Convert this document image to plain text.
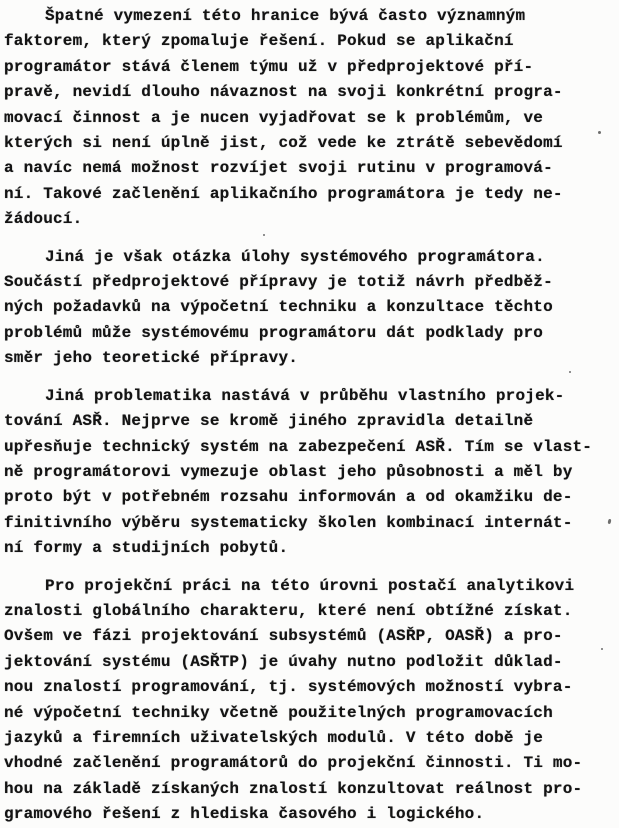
Špatné vymezení této hranice bývá často významným
faktorem, který zpomaluje řešení. Pokud se aplikační
programátor stává členem týmu už v předprojektové pří-
pravě, nevidí dlouho návaznost na svoji konkrétní progra-
movací činnost a je nucen vyjadřovat se k problémům, ve
kterých si není úplně jist, což vede ke ztrátě sebevědomí
a navíc nemá možnost rozvíjet svoji rutinu v programová-
ní. Takové začlenění aplikačního programátora je tedy ne-
žádoucí.
Jiná je však otázka úlohy systémového programátora.
Součástí předprojektové přípravy je totiž návrh předběž-
ných požadavků na výpočetní techniku a konzultace těchto
problémů může systémovému programátoru dát podklady pro
směr jeho teoretické přípravy.
Jiná problematika nastává v průběhu vlastního projek-
tování ASŘ. Nejprve se kromě jiného zpravidla detailně
upřesňuje technický systém na zabezpečení ASŘ. Tím se vlast-
ně programátorovi vymezuje oblast jeho působnosti a měl by
proto být v potřebném rozsahu informován a od okamžiku de-
finitivního výběru systematicky školen kombinací internát-
ní formy a studijních pobytů.
Pro projekční práci na této úrovni postačí analytikovi
znalosti globálního charakteru, které není obtížné získat.
Ovšem ve fázi projektování subsystémů (ASŘP, OASŘ) a pro-
jektování systému (ASŘTP) je úvahy nutno podložit důklad-
nou znalostí programování, tj. systémových možností vybra-
né výpočetní techniky včetně použitelných programovacích
jazyků a firemních uživatelských modulů. V této době je
vhodné začlenění programátorů do projekční činnosti. Ti mo-
hou na základě získaných znalostí konzultovat reálnost pro-
gramového řešení z hlediska časového i logického.
